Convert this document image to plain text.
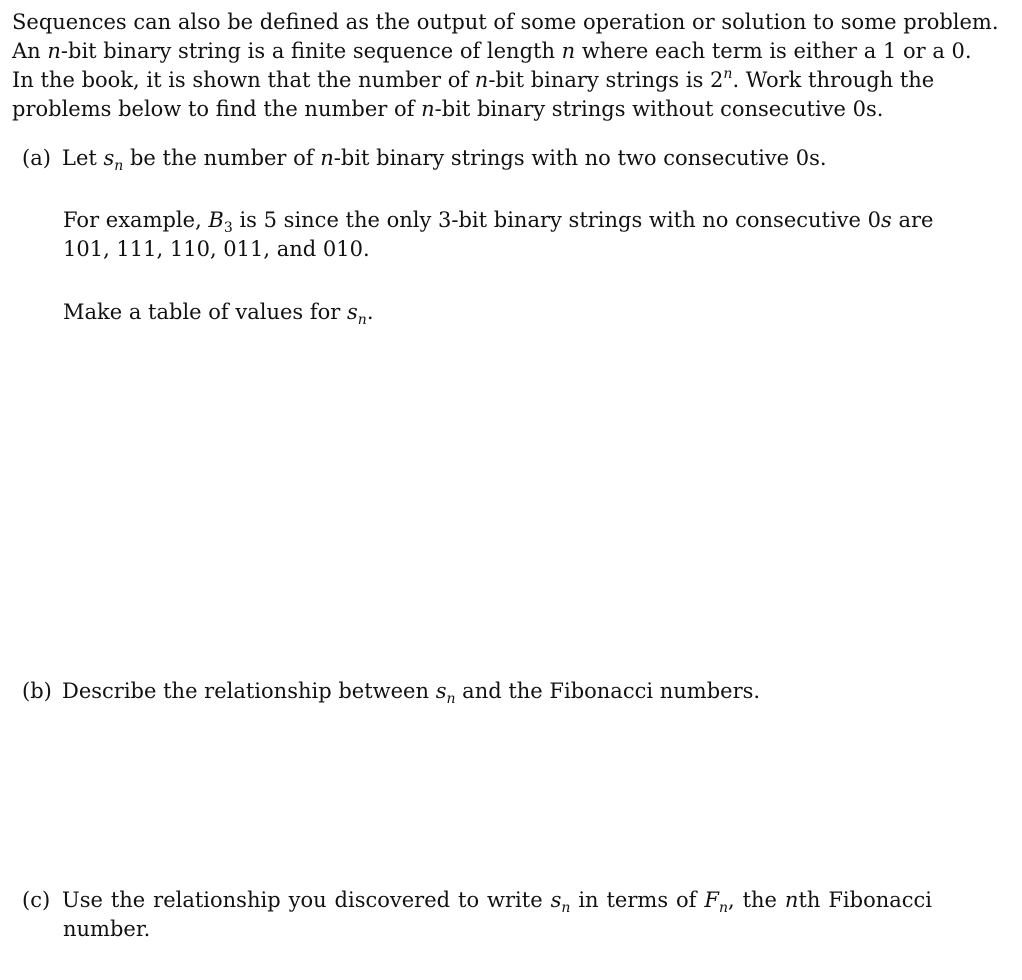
Sequences can also be defined as the output of some operation or solution to some problem.
An n-bit binary string is a finite sequence of length n where each term is either a 1 or a 0.
In the book, it is shown that the number of n-bit binary strings is 2$^n$. Work through the
problems below to find the number of n-bit binary strings without consecutive 0s.
(a) Let $s_n$ be the number of n-bit binary strings with no two consecutive 0s.
For example, $B_3$ is 5 since the only 3-bit binary strings with no consecutive 0s are
101, 111, 110, 011, and 010.
Make a table of values for $s_n$.
(b) Describe the relationship between $s_n$ and the Fibonacci numbers.
(c) Use the relationship you discovered to write $s_n$ in terms of $F_n$, the nth Fibonacci
number.
